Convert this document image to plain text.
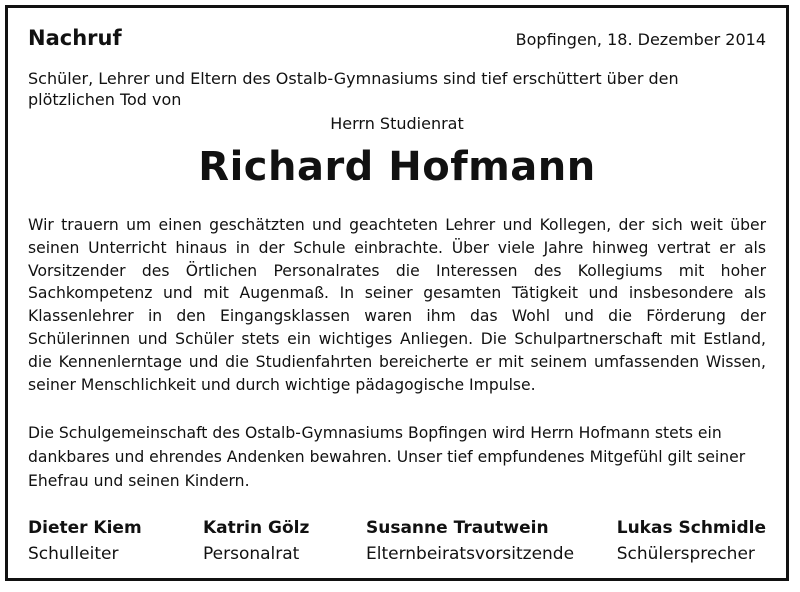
Nachruf	Bopfingen, 18. Dezember 2014
Schüler, Lehrer und Eltern des Ostalb-Gymnasiums sind tief erschüttert über den plötzlichen Tod von
Herrn Studienrat
Richard Hofmann
Wir trauern um einen geschätzten und geachteten Lehrer und Kollegen, der sich weit über seinen Unterricht hinaus in der Schule einbrachte. Über viele Jahre hinweg vertrat er als Vorsitzender des Örtlichen Personalrates die Interessen des Kollegiums mit hoher Sachkompetenz und mit Augenmaß. In seiner gesamten Tätigkeit und insbesondere als Klassenlehrer in den Eingangsklassen waren ihm das Wohl und die Förderung der Schülerinnen und Schüler stets ein wichtiges Anliegen. Die Schulpartnerschaft mit Estland, die Kennenlerntage und die Studienfahrten bereicherte er mit seinem umfassenden Wissen, seiner Menschlichkeit und durch wichtige pädagogische Impulse.
Die Schulgemeinschaft des Ostalb-Gymnasiums Bopfingen wird Herrn Hofmann stets ein dankbares und ehrendes Andenken bewahren. Unser tief empfundenes Mitgefühl gilt seiner Ehefrau und seinen Kindern.
Dieter Kiem
Schulleiter
Katrin Gölz
Personalrat
Susanne Trautwein
Elternbeiratsvorsitzende
Lukas Schmidle
Schülersprecher
